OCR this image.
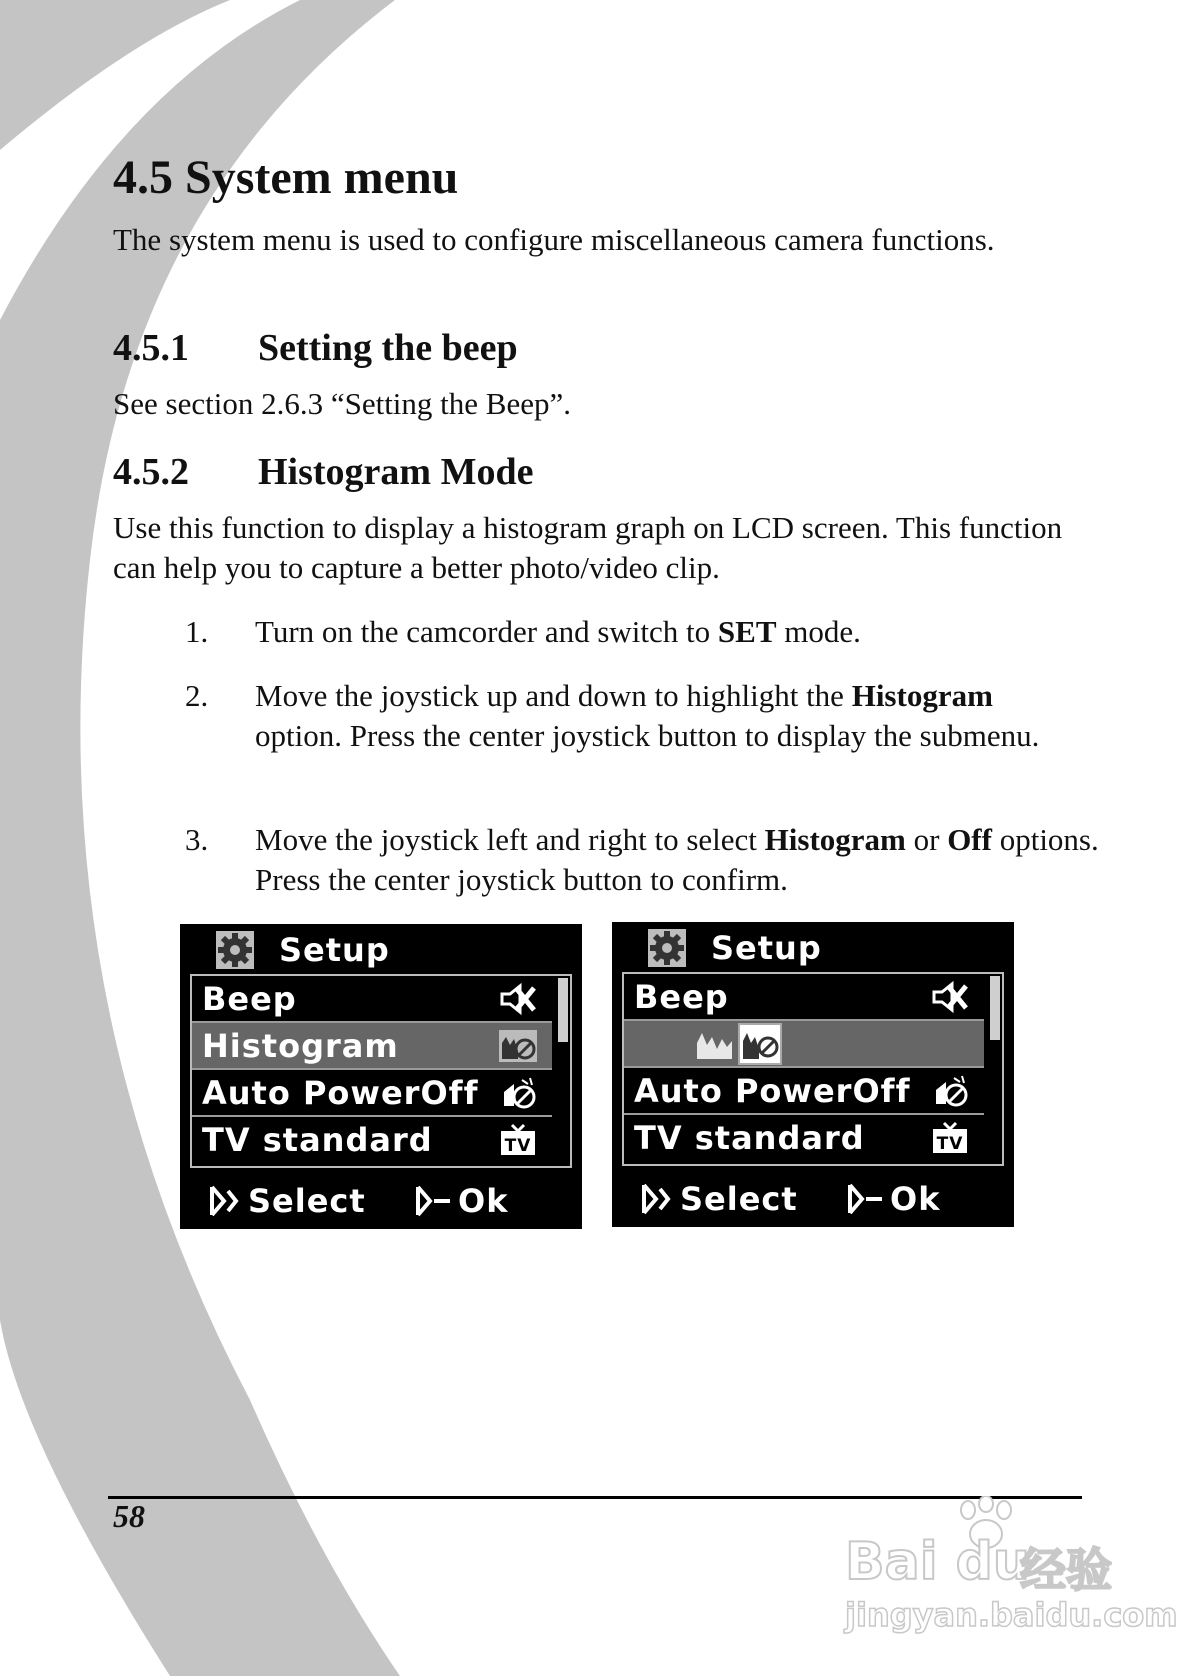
4.5 System menu
The system menu is used to configure miscellaneous camera functions.
4.5.1 Setting the beep
See section 2.6.3 “Setting the Beep”.
4.5.2 Histogram Mode
Use this function to display a histogram graph on LCD screen. This function can help you to capture a better photo/video clip.
1. Turn on the camcorder and switch to SET mode.
2. Move the joystick up and down to highlight the Histogram option. Press the center joystick button to display the submenu.
3. Move the joystick left and right to select Histogram or Off options. Press the center joystick button to confirm.
Setup
Beep
Histogram
Auto PowerOff
TV standard	TV
Select	Ok
Setup
Beep
Auto PowerOff
TV standard	TV
Select	Ok
58
Bai du
经验
jingyan.baidu.com
